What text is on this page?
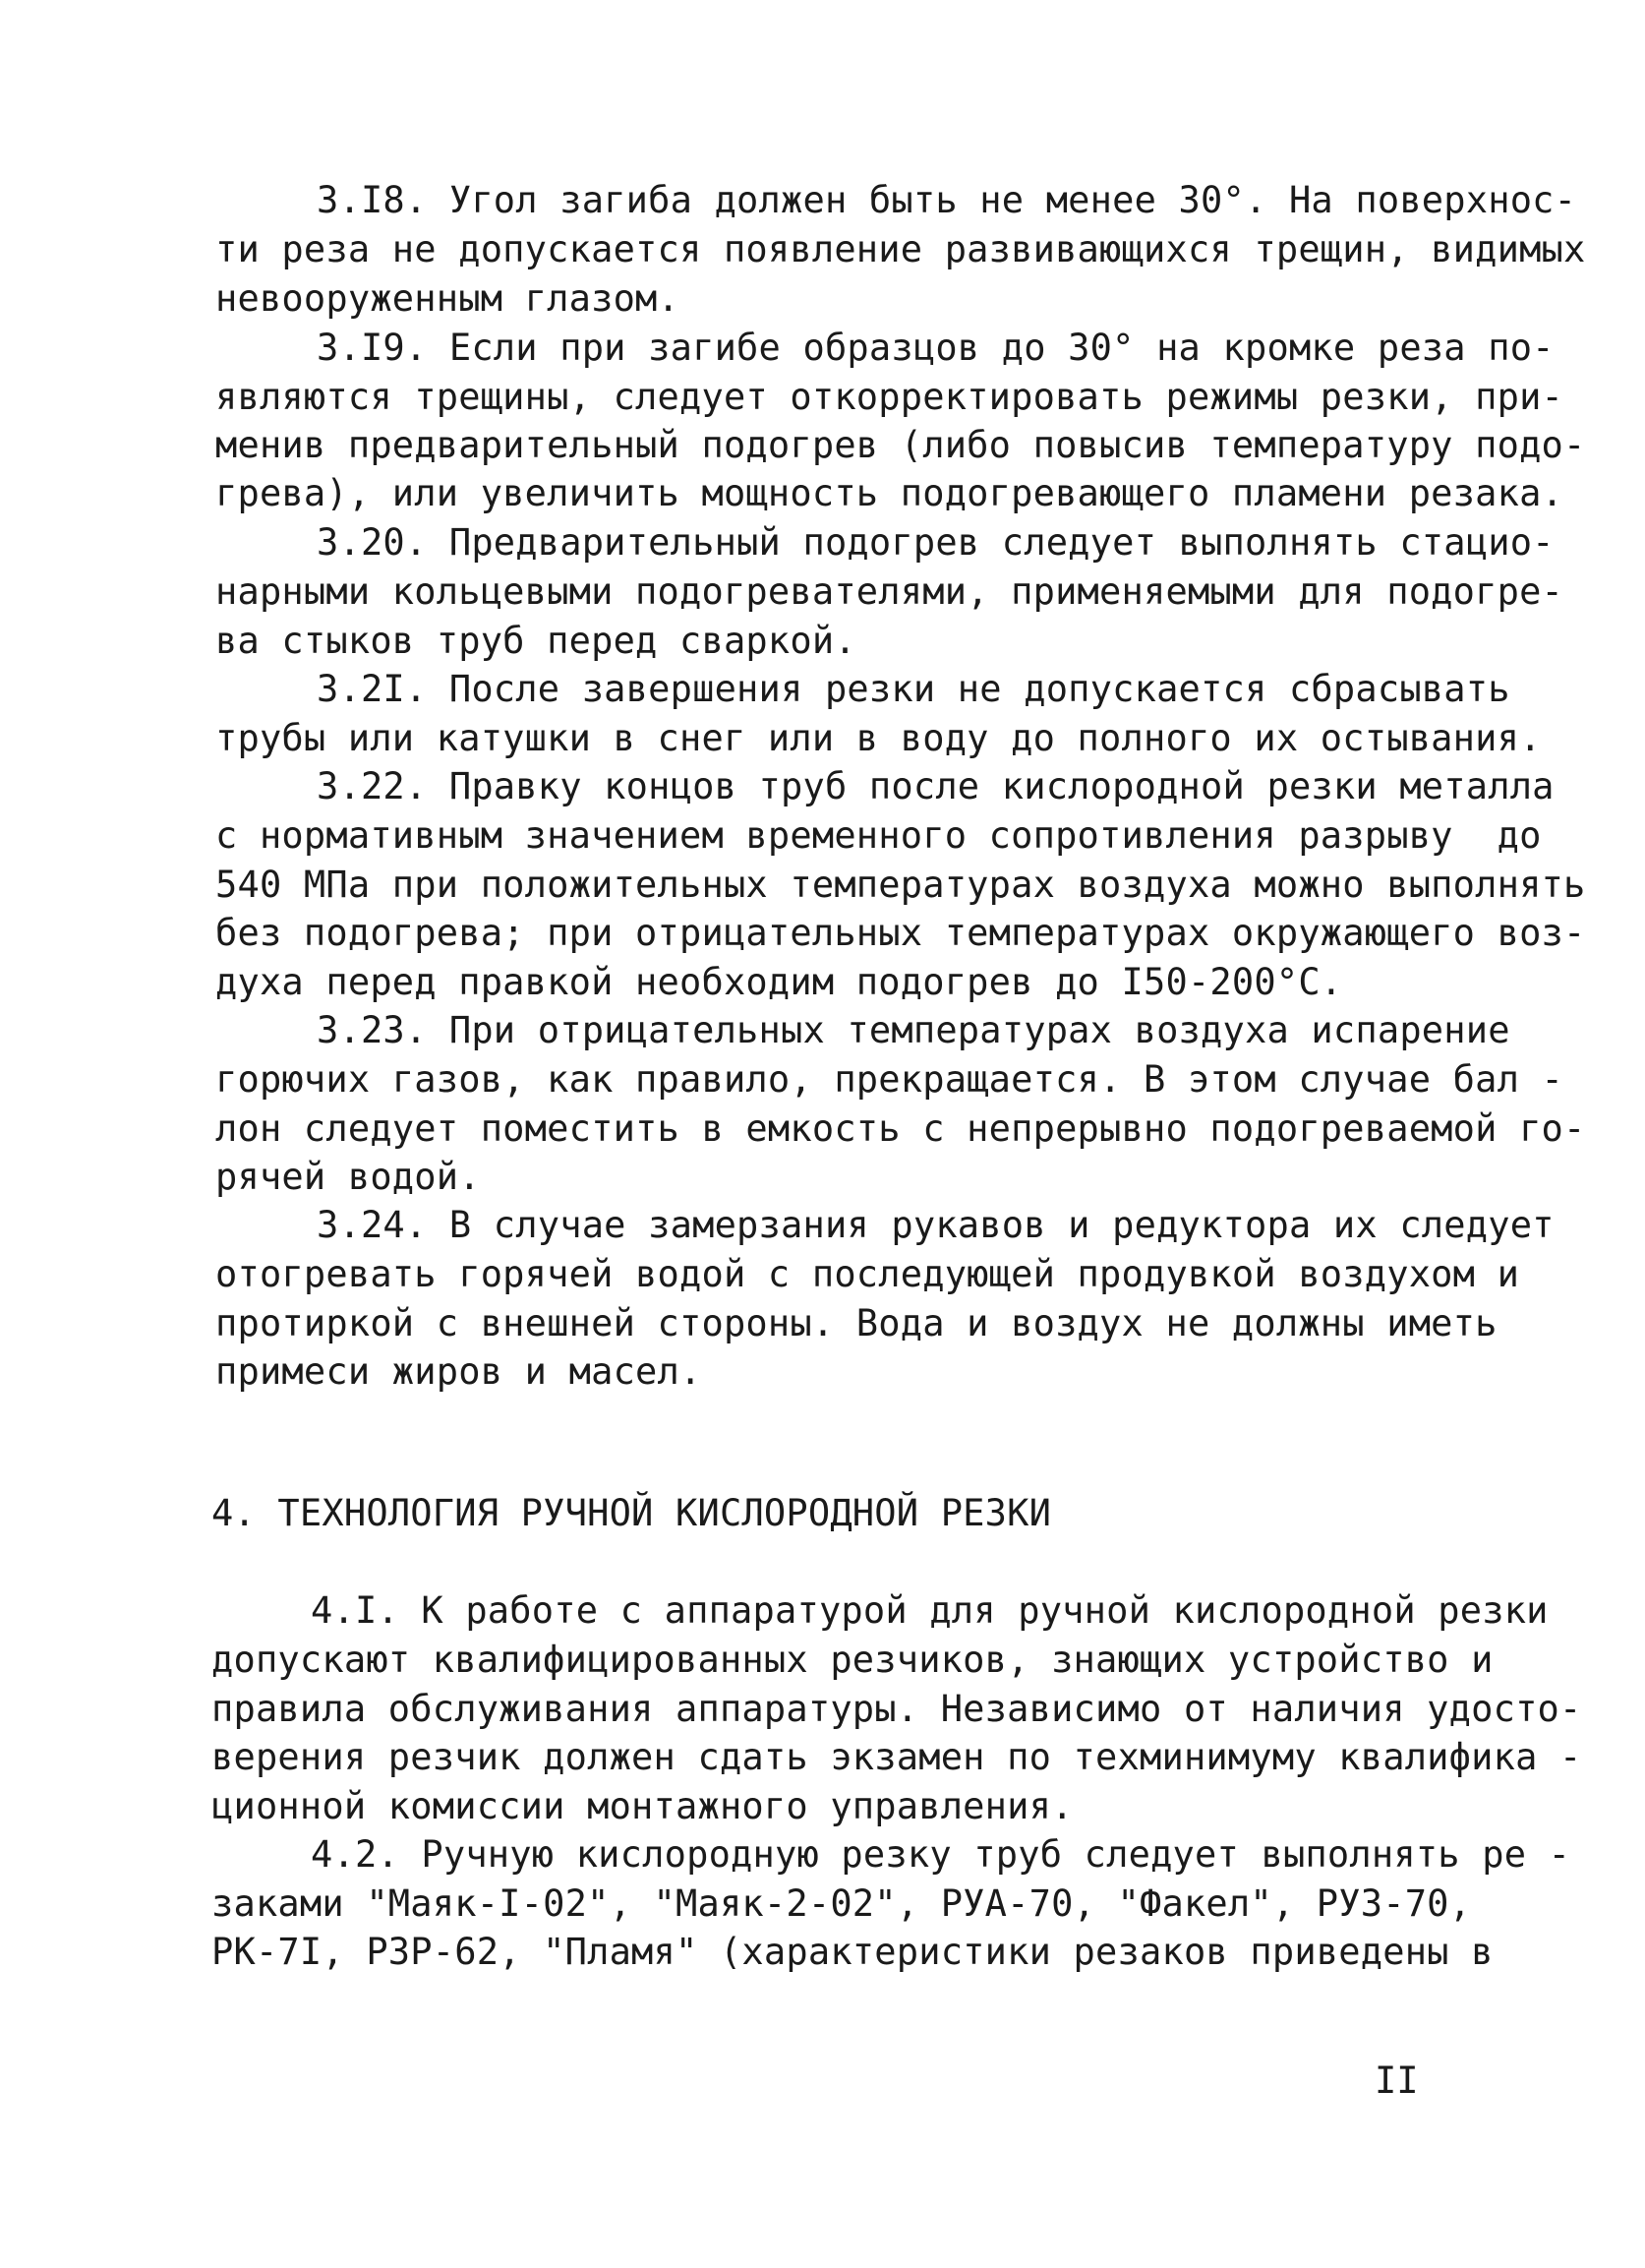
3.I8. Угол загиба должен быть не менее 30°. На поверхнос-
ти реза не допускается появление развивающихся трещин, видимых
невооруженным глазом.
3.I9. Если при загибе образцов до 30° на кромке реза по-
являются трещины, следует откорректировать режимы резки, при-
менив предварительный подогрев (либо повысив температуру подо-
грева), или увеличить мощность подогревающего пламени резака.
3.20. Предварительный подогрев следует выполнять стацио-
нарными кольцевыми подогревателями, применяемыми для подогре-
ва стыков труб перед сваркой.
3.2I. После завершения резки не допускается сбрасывать
трубы или катушки в снег или в воду до полного их остывания.
3.22. Правку концов труб после кислородной резки металла
с нормативным значением временного сопротивления разрыву  до
540 МПа при положительных температурах воздуха можно выполнять
без подогрева; при отрицательных температурах окружающего воз-
духа перед правкой необходим подогрев до I50-200°С.
3.23. При отрицательных температурах воздуха испарение
горючих газов, как правило, прекращается. В этом случае бал -
лон следует поместить в емкость с непрерывно подогреваемой го-
рячей водой.
3.24. В случае замерзания рукавов и редуктора их следует
отогревать горячей водой с последующей продувкой воздухом и
протиркой с внешней стороны. Вода и воздух не должны иметь
примеси жиров и масел.
4. ТЕХНОЛОГИЯ РУЧНОЙ КИСЛОРОДНОЙ РЕЗКИ
4.I. К работе с аппаратурой для ручной кислородной резки
допускают квалифицированных резчиков, знающих устройство и
правила обслуживания аппаратуры. Независимо от наличия удосто-
верения резчик должен сдать экзамен по техминимуму квалифика -
ционной комиссии монтажного управления.
4.2. Ручную кислородную резку труб следует выполнять ре -
заками "Маяк-I-02", "Маяк-2-02", РУА-70, "Факел", РУЗ-70,
РК-7I, РЗР-62, "Пламя" (характеристики резаков приведены в
II
